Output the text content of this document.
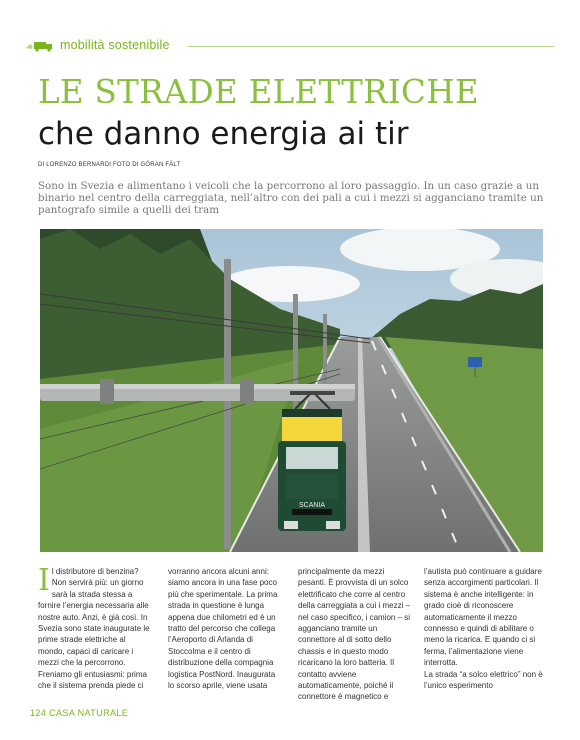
mobilità sostenibile
LE STRADE ELETTRICHE
che danno energia ai tir
DI LORENZO BERNARDI FOTO DI GÖRAN FÄLT
Sono in Svezia e alimentano i veicoli che la percorrono al loro passaggio. In un caso grazie a un binario nel centro della carreggiata, nell’altro con dei pali a cui i mezzi si agganciano tramite un pantografo simile a quelli dei tram
SCANIA

Il distributore di benzina? Non servirà più: un giorno sarà la strada stessa a fornire l’energia necessaria alle nostre auto. Anzi, è già così. In Svezia sono state inaugurate le prime strade elettriche al mondo, capaci di caricare i mezzi che la percorrono.

Freniamo gli entusiasmi: prima che il sistema prenda piede ci

vorranno ancora alcuni anni: siamo ancora in una fase poco più che sperimentale. La prima strada in questione è lunga appena due chilometri ed è un tratto del percorso che collega l’Aeroporto di Arlanda di Stoccolma e il centro di distribuzione della compagnia logistica PostNord. Inaugurata lo scorso aprile, viene usata

principalmente da mezzi pesanti. È provvista di un solco elettrificato che corre al centro della carreggiata a cui i mezzi – nel caso specifico, i camion – si agganciano tramite un connettore al di sotto dello chassis e in questo modo ricaricano la loro batteria. Il contatto avviene automaticamente, poiché il connettore è magnetico e

l’autista può continuare a guidare senza accorgimenti particolari. Il sistema è anche intelligente: in grado cioè di riconoscere automaticamente il mezzo connesso e quindi di abilitare o meno la ricarica. E quando ci si ferma, l’alimentazione viene interrotta.

La strada “a solco elettrico” non è l’unico esperimento

124 CASA NATURALE
